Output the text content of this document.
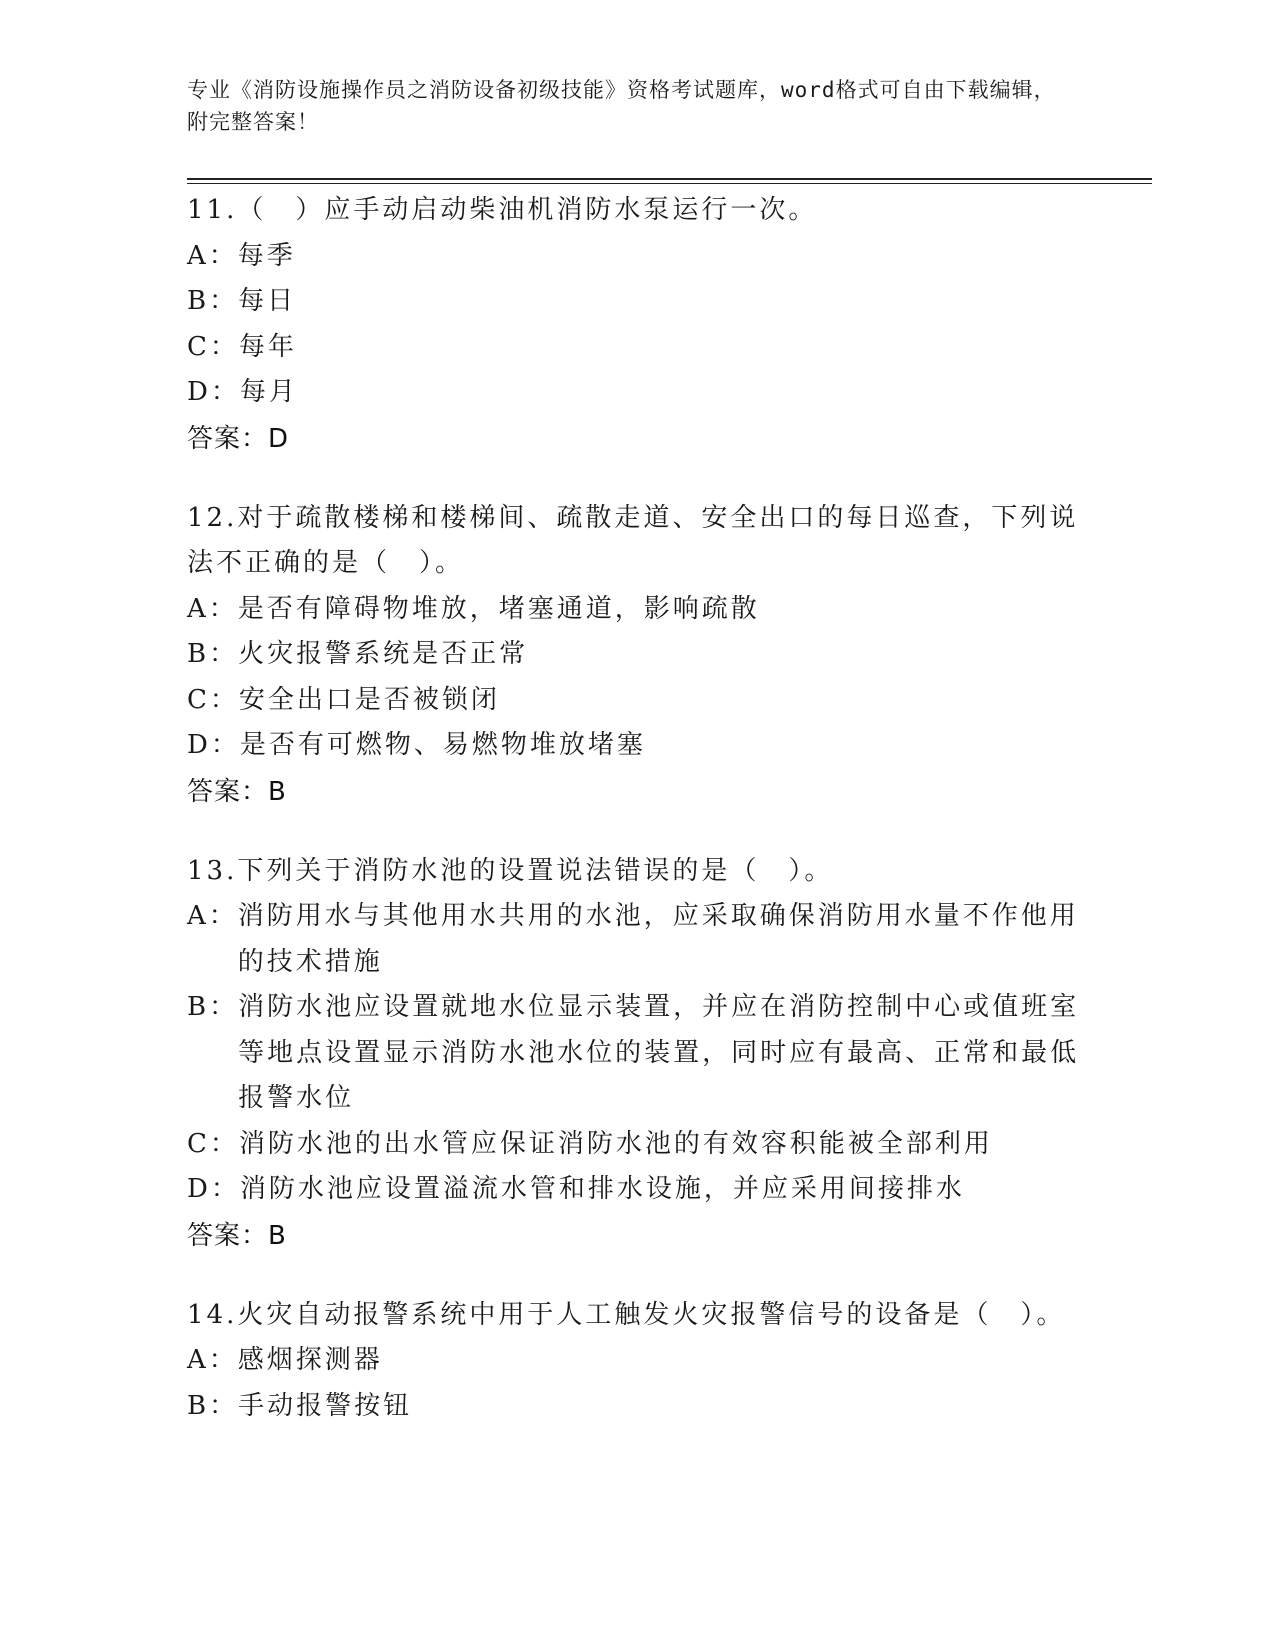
专业《消防设施操作员之消防设备初级技能》资格考试题库，word格式可自由下载编辑，附完整答案！
11.（　）应手动启动柴油机消防水泵运行一次。
A： 每季
B： 每日
C： 每年
D： 每月
答案：D
12.对于疏散楼梯和楼梯间、疏散走道、安全出口的每日巡查，下列说法不正确的是（　）。
A： 是否有障碍物堆放，堵塞通道，影响疏散
B： 火灾报警系统是否正常
C： 安全出口是否被锁闭
D： 是否有可燃物、易燃物堆放堵塞
答案：B
13.下列关于消防水池的设置说法错误的是（　）。
A： 消防用水与其他用水共用的水池，应采取确保消防用水量不作他用的技术措施
B： 消防水池应设置就地水位显示装置，并应在消防控制中心或值班室等地点设置显示消防水池水位的装置，同时应有最高、正常和最低报警水位
C： 消防水池的出水管应保证消防水池的有效容积能被全部利用
D： 消防水池应设置溢流水管和排水设施，并应采用间接排水
答案：B
14.火灾自动报警系统中用于人工触发火灾报警信号的设备是（　）。
A： 感烟探测器
B： 手动报警按钮
